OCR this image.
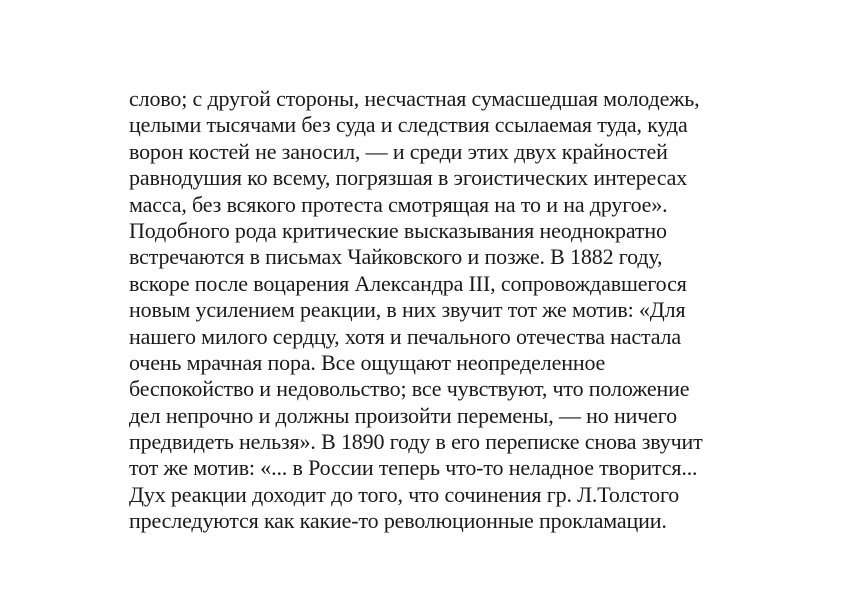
слово; с другой стороны, несчастная сумасшедшая молодежь,
целыми тысячами без суда и следствия ссылаемая туда, куда
ворон костей не заносил, — и среди этих двух крайностей
равнодушия ко всему, погрязшая в эгоистических интересах
масса, без всякого протеста смотрящая на то и на другое».
Подобного рода критические высказывания неоднократно
встречаются в письмах Чайковского и позже. В 1882 году,
вскоре после воцарения Александра III, сопровождавшегося
новым усилением реакции, в них звучит тот же мотив: «Для
нашего милого сердцу, хотя и печального отечества настала
очень мрачная пора. Все ощущают неопределенное
беспокойство и недовольство; все чувствуют, что положение
дел непрочно и должны произойти перемены, — но ничего
предвидеть нельзя». В 1890 году в его переписке снова звучит
тот же мотив: «... в России теперь что-то неладное творится...
Дух реакции доходит до того, что сочинения гр. Л.Толстого
преследуются как какие-то революционные прокламации.
